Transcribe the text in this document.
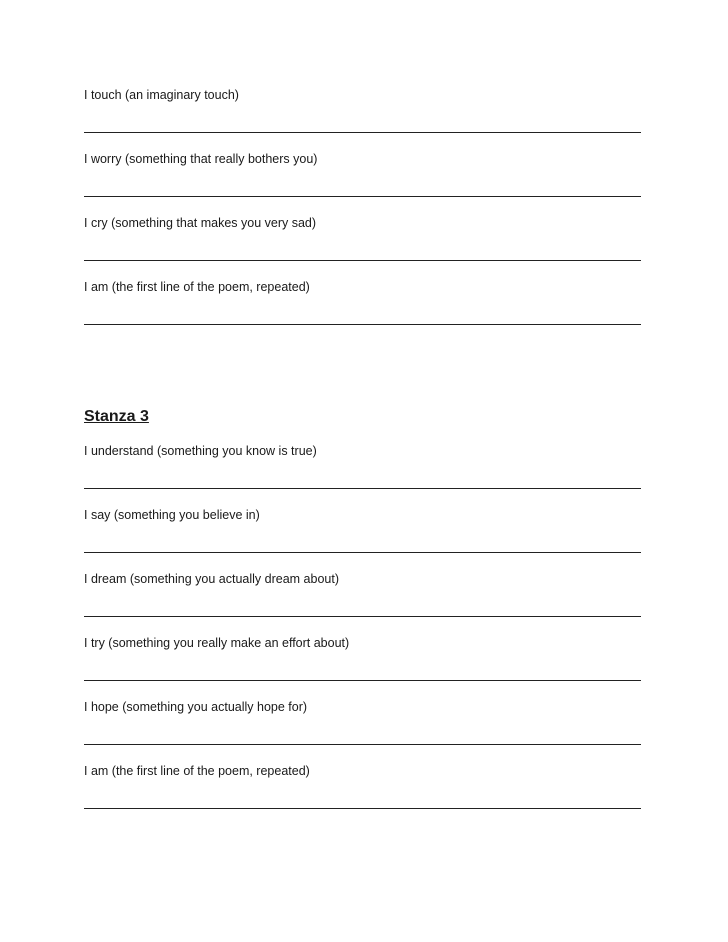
I touch (an imaginary touch)
I worry (something that really bothers you)
I cry (something that makes you very sad)
I am (the first line of the poem, repeated)
Stanza 3
I understand (something you know is true)
I say (something you believe in)
I dream (something you actually dream about)
I try (something you really make an effort about)
I hope (something you actually hope for)
I am (the first line of the poem, repeated)
